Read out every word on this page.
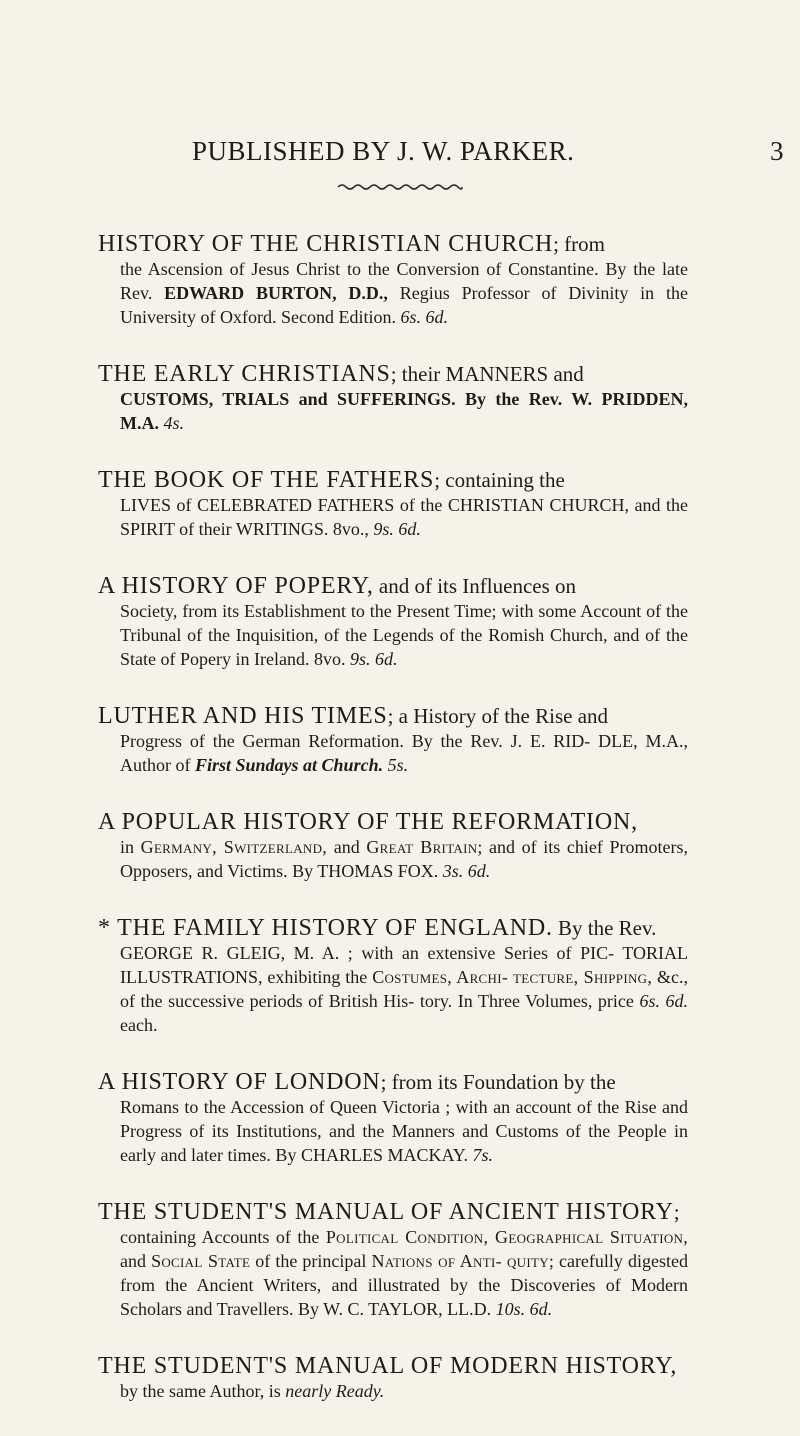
PUBLISHED BY J. W. PARKER.	3

HISTORY OF THE CHRISTIAN CHURCH; from

the Ascension of Jesus Christ to the Conversion of Constantine. By the late Rev. EDWARD BURTON, D.D., Regius Professor of Divinity in the University of Oxford. Second Edition. 6s. 6d.

THE EARLY CHRISTIANS; their MANNERS and

CUSTOMS, TRIALS and SUFFERINGS. By the Rev. W. PRIDDEN, M.A. 4s.

THE BOOK OF THE FATHERS; containing the

LIVES of CELEBRATED FATHERS of the CHRISTIAN CHURCH, and the SPIRIT of their WRITINGS. 8vo., 9s. 6d.

A HISTORY OF POPERY, and of its Influences on

Society, from its Establishment to the Present Time; with some Account of the Tribunal of the Inquisition, of the Legends of the Romish Church, and of the State of Popery in Ireland. 8vo. 9s. 6d.

LUTHER AND HIS TIMES; a History of the Rise and

Progress of the German Reformation. By the Rev. J. E. RID- DLE, M.A., Author of First Sundays at Church. 5s.

A POPULAR HISTORY OF THE REFORMATION,

in Germany, Switzerland, and Great Britain; and of its chief Promoters, Opposers, and Victims. By THOMAS FOX. 3s. 6d.

* THE FAMILY HISTORY OF ENGLAND. By the Rev.

GEORGE R. GLEIG, M. A. ; with an extensive Series of PIC- TORIAL ILLUSTRATIONS, exhibiting the Costumes, Archi- tecture, Shipping, &c., of the successive periods of British His- tory. In Three Volumes, price 6s. 6d. each.

A HISTORY OF LONDON; from its Foundation by the

Romans to the Accession of Queen Victoria ; with an account of the Rise and Progress of its Institutions, and the Manners and Customs of the People in early and later times. By CHARLES MACKAY. 7s.

THE STUDENT'S MANUAL OF ANCIENT HISTORY;

containing Accounts of the Political Condition, Geographical Situation, and Social State of the principal Nations of Anti- quity; carefully digested from the Ancient Writers, and illustrated by the Discoveries of Modern Scholars and Travellers. By W. C. TAYLOR, LL.D. 10s. 6d.

THE STUDENT'S MANUAL OF MODERN HISTORY,

by the same Author, is nearly Ready.
